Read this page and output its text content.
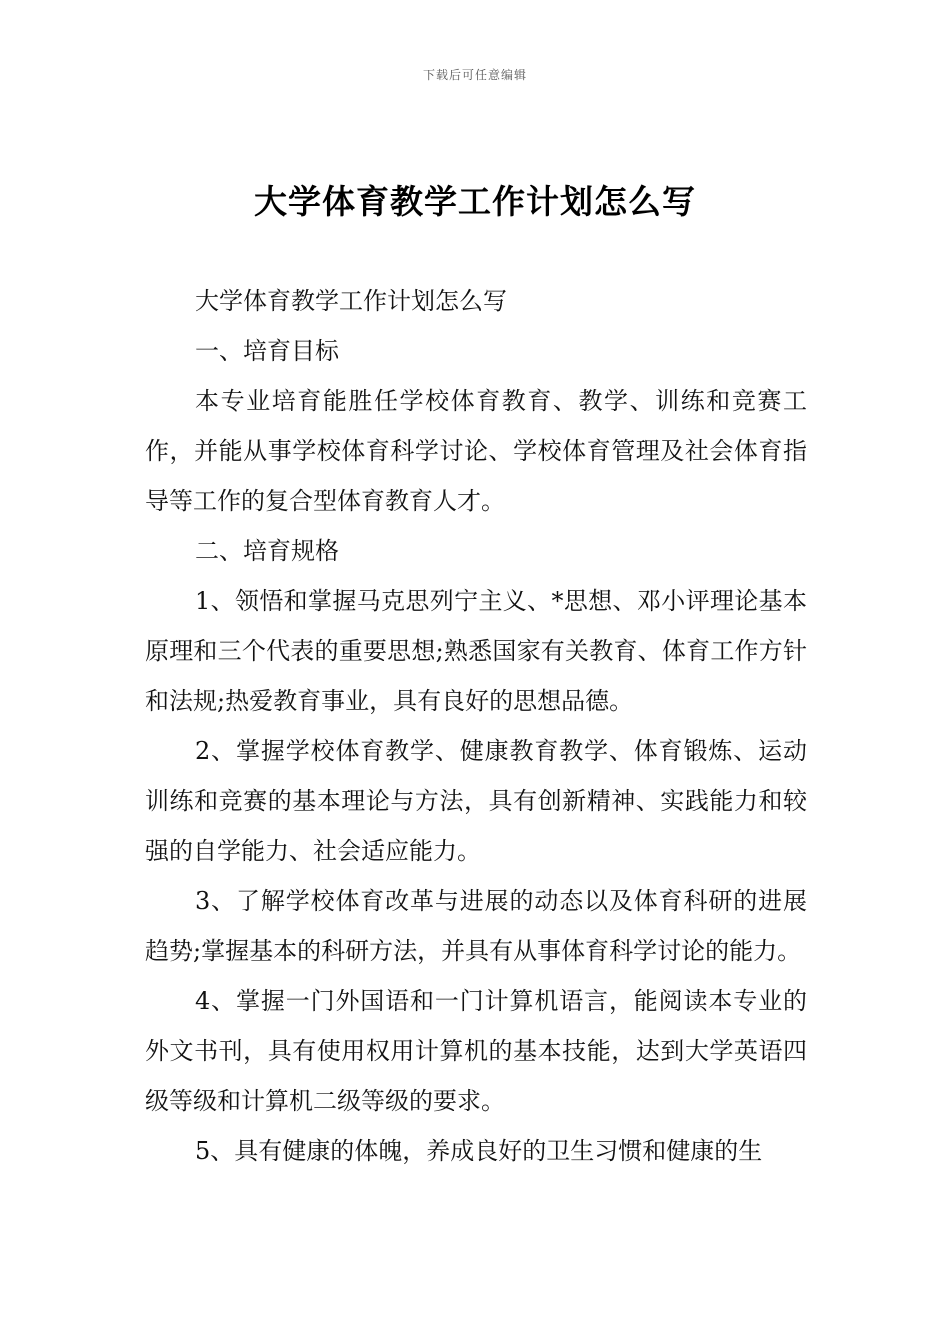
下载后可任意编辑
大学体育教学工作计划怎么写

大学体育教学工作计划怎么写

一、培育目标

本专业培育能胜任学校体育教育、教学、训练和竞赛工作，并能从事学校体育科学讨论、学校体育管理及社会体育指导等工作的复合型体育教育人才。

二、培育规格

1、领悟和掌握马克思列宁主义、*思想、邓小评理论基本原理和三个代表的重要思想;熟悉国家有关教育、体育工作方针和法规;热爱教育事业，具有良好的思想品德。

2、掌握学校体育教学、健康教育教学、体育锻炼、运动训练和竞赛的基本理论与方法，具有创新精神、实践能力和较强的自学能力、社会适应能力。

3、了解学校体育改革与进展的动态以及体育科研的进展趋势;掌握基本的科研方法，并具有从事体育科学讨论的能力。

4、掌握一门外国语和一门计算机语言，能阅读本专业的外文书刊，具有使用权用计算机的基本技能，达到大学英语四级等级和计算机二级等级的要求。

5、具有健康的体魄，养成良好的卫生习惯和健康的生
